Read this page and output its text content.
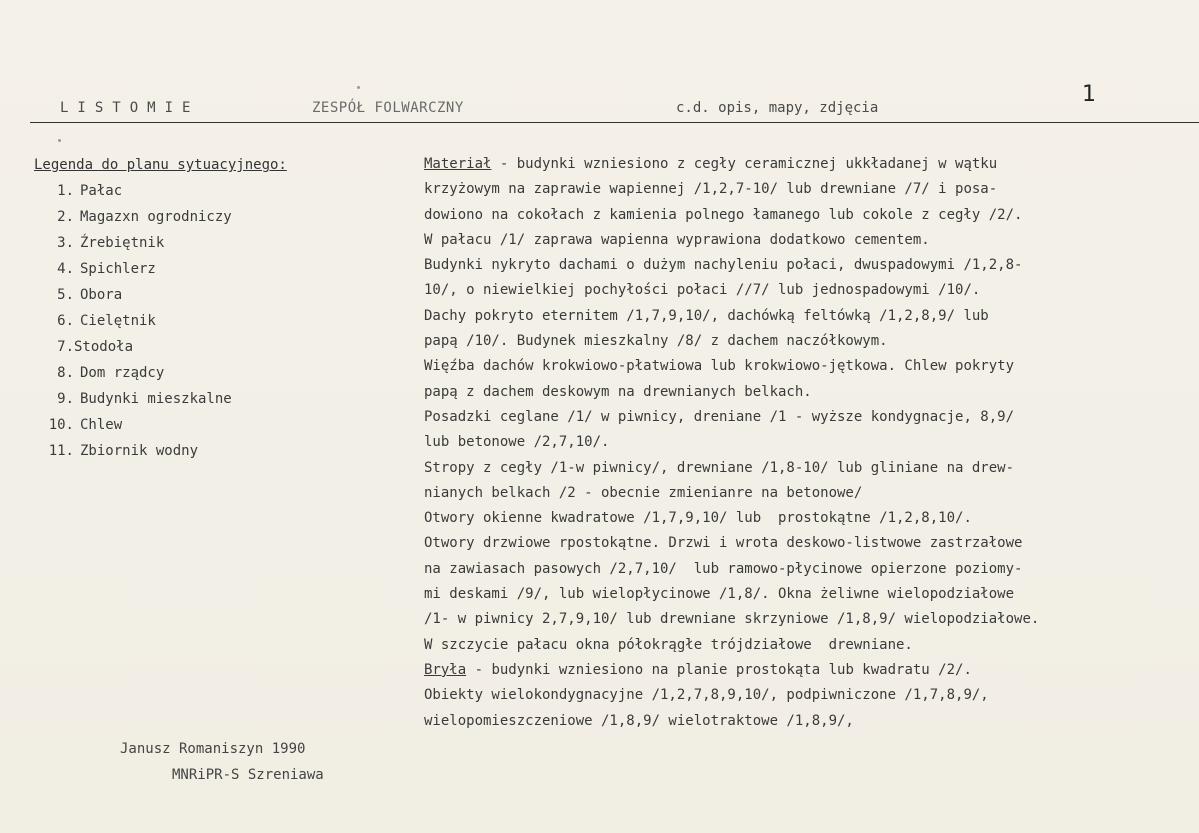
LISTOMIE	ZESPÓŁ FOLWARCZNY	c.d. opis, mapy, zdjęcia
1
Legenda do planu sytuacyjnego:
1. Pałac
2. Magazxn ogrodniczy
3. Źrebiętnik
4. Spichlerz
5. Obora
6. Cielętnik
7.Stodoła
8. Dom rządcy
9. Budynki mieszkalne
10. Chlew
11. Zbiornik wodny
Janusz Romaniszyn 1990
MNRiPR-S Szreniawa
Materiał - budynki wzniesiono z cegły ceramicznej ukkładanej w wątku
krzyżowym na zaprawie wapiennej /1,2,7-10/ lub drewniane /7/ i posa-
dowiono na cokołach z kamienia polnego łamanego lub cokole z cegły /2/.
W pałacu /1/ zaprawa wapienna wyprawiona dodatkowo cementem.
Budynki nykryto dachami o dużym nachyleniu połaci, dwuspadowymi /1,2,8-
10/, o niewielkiej pochyłości połaci //7/ lub jednospadowymi /10/.
Dachy pokryto eternitem /1,7,9,10/, dachówką feltówką /1,2,8,9/ lub
papą /10/. Budynek mieszkalny /8/ z dachem naczółkowym.
Więźba dachów krokwiowo-płatwiowa lub krokwiowo-jętkowa. Chlew pokryty
papą z dachem deskowym na drewnianych belkach.
Posadzki ceglane /1/ w piwnicy, dreniane /1 - wyższe kondygnacje, 8,9/
lub betonowe /2,7,10/.
Stropy z cegły /1-w piwnicy/, drewniane /1,8-10/ lub gliniane na drew-
nianych belkach /2 - obecnie zmienianre na betonowe/
Otwory okienne kwadratowe /1,7,9,10/ lub  prostokątne /1,2,8,10/.
Otwory drzwiowe rpostokątne. Drzwi i wrota deskowo-listwowe zastrzałowe
na zawiasach pasowych /2,7,10/  lub ramowo-płycinowe opierzone poziomy-
mi deskami /9/, lub wielopłycinowe /1,8/. Okna żeliwne wielopodziałowe
/1- w piwnicy 2,7,9,10/ lub drewniane skrzyniowe /1,8,9/ wielopodziałowe.
W szczycie pałacu okna półokrągłe trójdziałowe  drewniane.
Bryła - budynki wzniesiono na planie prostokąta lub kwadratu /2/.
Obiekty wielokondygnacyjne /1,2,7,8,9,10/, podpiwniczone /1,7,8,9/,
wielopomieszczeniowe /1,8,9/ wielotraktowe /1,8,9/,
